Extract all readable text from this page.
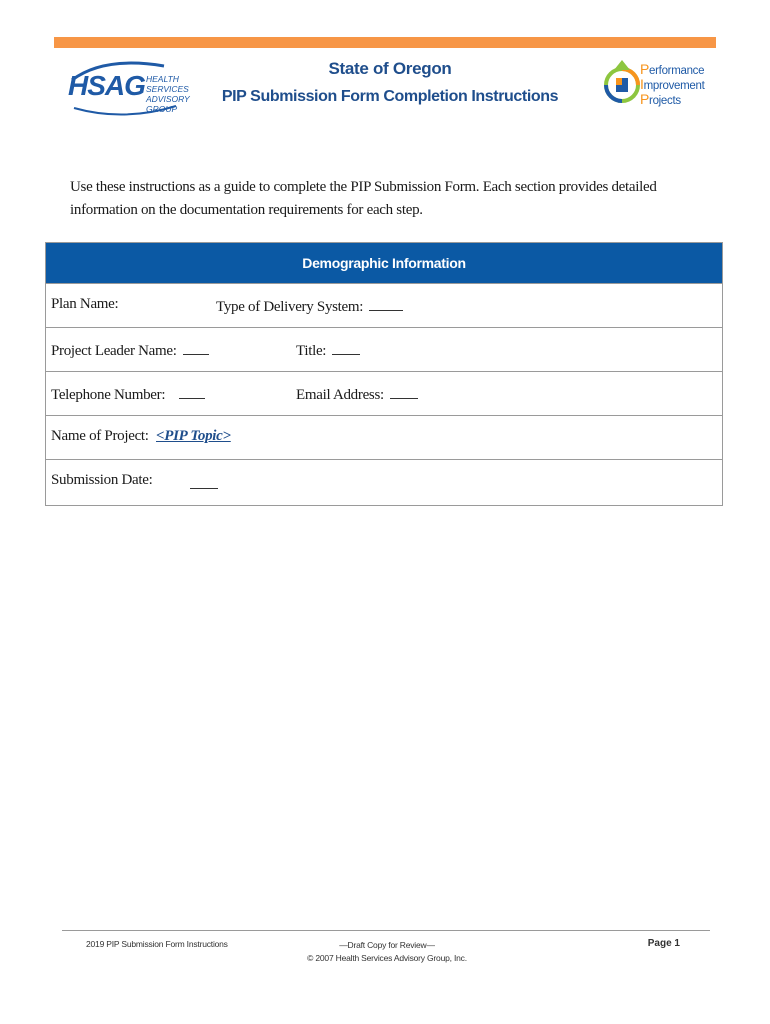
HSAG HEALTH SERVICES
ADVISORY GROUP
State of Oregon
PIP Submission Form Completion Instructions
Performance
Improvement
Projects

Use these instructions as a guide to complete the PIP Submission Form. Each section provides detailed information on the documentation requirements for each step.

Demographic Information
Plan Name:	Type of Delivery System:
Project Leader Name:	Title:
Telephone Number:	Email Address:
Name of Project: <PIP Topic>
Submission Date:
2019 PIP Submission Form Instructions	—Draft Copy for Review—
© 2007 Health Services Advisory Group, Inc.
Page 1
